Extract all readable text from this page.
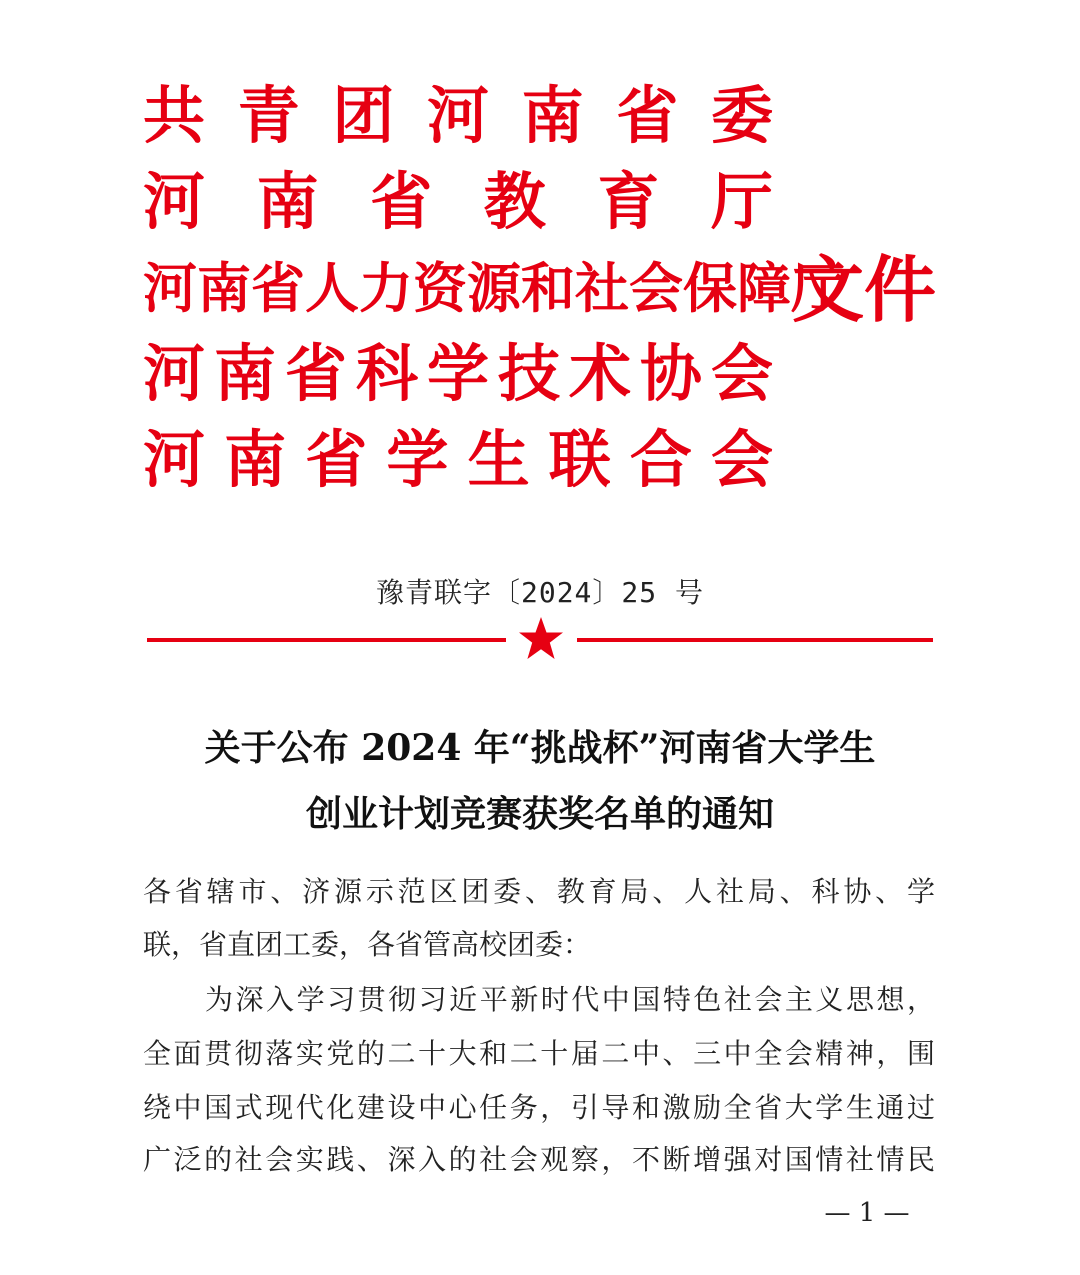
共青团河南省委
河南省教育厅
河南省人力资源和社会保障厅
河南省科学技术协会
河南省学生联合会
文件
豫青联字〔2024〕25 号
关于公布 2024 年“挑战杯”河南省大学生
创业计划竞赛获奖名单的通知
各省辖市、济源示范区团委、教育局、人社局、科协、学
联，省直团工委，各省管高校团委：
为深入学习贯彻习近平新时代中国特色社会主义思想，
全面贯彻落实党的二十大和二十届二中、三中全会精神，围
绕中国式现代化建设中心任务，引导和激励全省大学生通过
广泛的社会实践、深入的社会观察，不断增强对国情社情民
— 1 —
